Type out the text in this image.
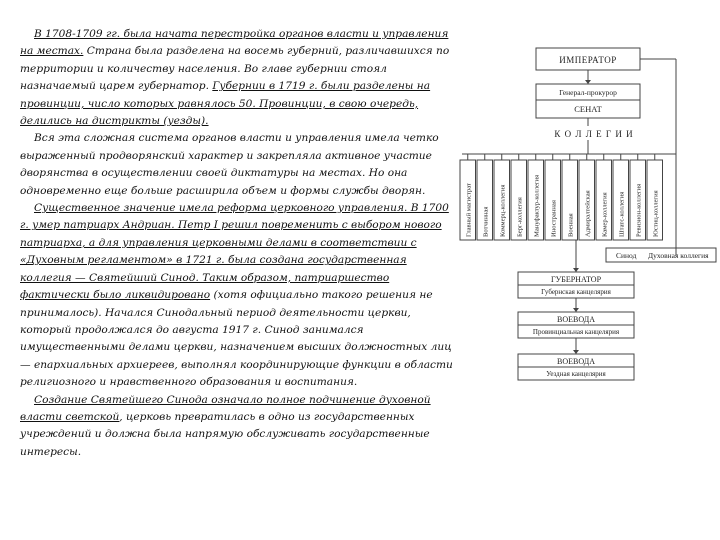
В 1708-1709 гг. была начата перестройка органов власти и управления на местах. Страна была разделена на восемь губерний, различавшихся по территории и количеству населения. Во главе губернии стоял назначаемый царем губернатор. Губернии в 1719 г. были разделены на провинции, число которых равнялось 50. Провинции, в свою очередь, делились на дистрикты (уезды).

Вся эта сложная система органов власти и управления имела четко выраженный продворянский характер и закрепляла активное участие дворянства в осуществлении своей диктатуры на местах. Но она одновременно еще больше расширила объем и формы службы дворян.

Существенное значение имела реформа церковного управления. В 1700 г. умер патриарх Андриан. Петр I решил повременить с выбором нового патриарха, а для управления церковными делами в соответствии с «Духовным регламентом» в 1721 г. была создана государственная коллегия — Святейший Синод. Таким образом, патриаршество фактически было ликвидировано (хотя официально такого решения не принималось). Начался Синодальный период деятельности церкви, который продолжался до августа 1917 г. Синод занимался имущественными делами церкви, назначением высших должностных лиц — епархиальных архиереев, выполнял координирующие функции в области религиозного и нравственного образования и воспитания.

Создание Святейшего Синода означало полное подчинение духовной власти светской, церковь превратилась в одно из государственных учреждений и должна была напрямую обслуживать государственные интересы.

ИМПЕРАТОР
Генерал-прокурор
СЕНАТ
К О Л Л Е Г И И
Главный магистрат Вотчинная Коммерц-коллегия Берг-коллегия Мануфактур-коллегия Иностранная Военная Адмиралтейская Камер-коллегия Штатс-коллегия Ревизион-коллегия Юстиц-коллегия
Синод Духовная коллегия
ГУБЕРНАТОР
Губернская канцелярия
ВОЕВОДА
Провинциальная канцелярия
ВОЕВОДА
Уездная канцелярия
